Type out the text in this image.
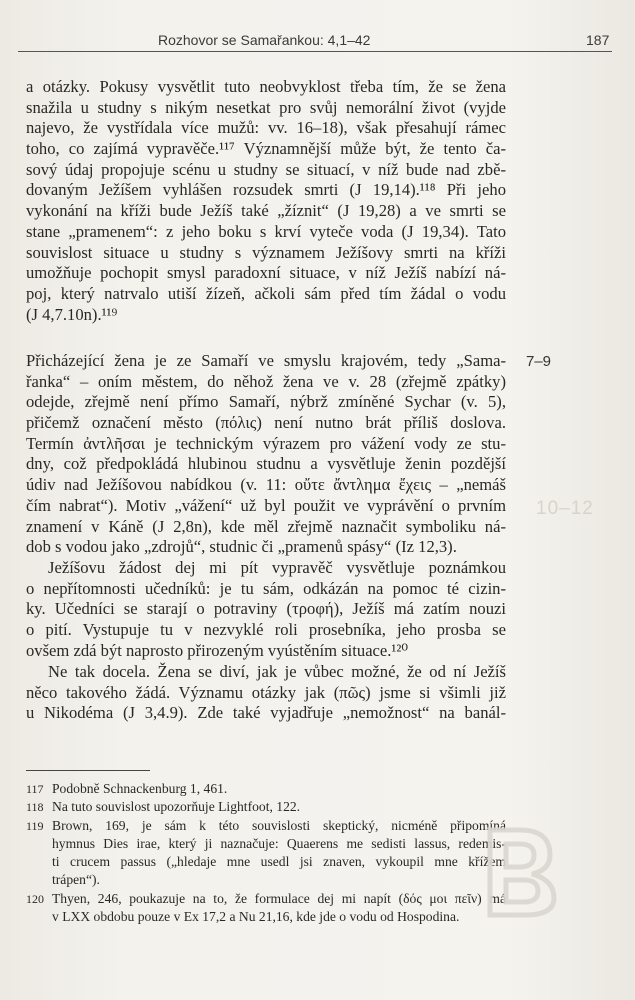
Rozhovor se Samařankou: 4,1–42	187
a otázky. Pokusy vysvětlit tuto neobvyklost třeba tím, že se žena
snažila u studny s nikým nesetkat pro svůj nemorální život (vyjde
najevo, že vystřídala více mužů: vv. 16–18), však přesahují rámec
toho, co zajímá vypravěče.¹¹⁷ Významnější může být, že tento ča-
sový údaj propojuje scénu u studny se situací, v níž bude nad zbě-
dovaným Ježíšem vyhlášen rozsudek smrti (J 19,14).¹¹⁸ Při jeho
vykonání na kříži bude Ježíš také „žíznit“ (J 19,28) a ve smrti se
stane „pramenem“: z jeho boku s krví vyteče voda (J 19,34). Tato
souvislost situace u studny s významem Ježíšovy smrti na kříži
umožňuje pochopit smysl paradoxní situace, v níž Ježíš nabízí ná-
poj, který natrvalo utiší žízeň, ačkoli sám před tím žádal o vodu
(J 4,7.10n).¹¹⁹
7–9
10–12
Přicházející žena je ze Samaří ve smyslu krajovém, tedy „Sama-
řanka“ – oním městem, do něhož žena ve v. 28 (zřejmě zpátky)
odejde, zřejmě není přímo Samaří, nýbrž zmíněné Sychar (v. 5),
přičemž označení město (πόλις) není nutno brát příliš doslova.
Termín ἀντλῆσαι je technickým výrazem pro vážení vody ze stu-
dny, což předpokládá hlubinou studnu a vysvětluje ženin pozdější
údiv nad Ježíšovou nabídkou (v. 11: οὔτε ἄντλημα ἔχεις – „nemáš
čím nabrat“). Motiv „vážení“ už byl použit ve vyprávění o prvním
znamení v Káně (J 2,8n), kde měl zřejmě naznačit symboliku ná-
dob s vodou jako „zdrojů“, studnic či „pramenů spásy“ (Iz 12,3).
Ježíšovu žádost dej mi pít vypravěč vysvětluje poznámkou
o nepřítomnosti učedníků: je tu sám, odkázán na pomoc té cizin-
ky. Učedníci se starají o potraviny (τροφή), Ježíš má zatím nouzi
o pití. Vystupuje tu v nezvyklé roli prosebníka, jeho prosba se
ovšem zdá být naprosto přirozeným vyústěním situace.¹²⁰
Ne tak docela. Žena se diví, jak je vůbec možné, že od ní Ježíš
něco takového žádá. Významu otázky jak (πῶς) jsme si všimli již
u Nikodéma (J 3,4.9). Zde také vyjadřuje „nemožnost“ na banál-
117 Podobně Schnackenburg 1, 461.
118 Na tuto souvislost upozorňuje Lightfoot, 122.
119 Brown, 169, je sám k této souvislosti skeptický, nicméně připomíná
hymnus Dies irae, který ji naznačuje: Quaerens me sedisti lassus, redemis-
ti crucem passus („hledaje mne usedl jsi znaven, vykoupil mne křížem
trápen“).
120 Thyen, 246, poukazuje na to, že formulace dej mi napít (δός μοι πεῖν) má
v LXX obdobu pouze v Ex 17,2 a Nu 21,16, kde jde o vodu od Hospodina.
